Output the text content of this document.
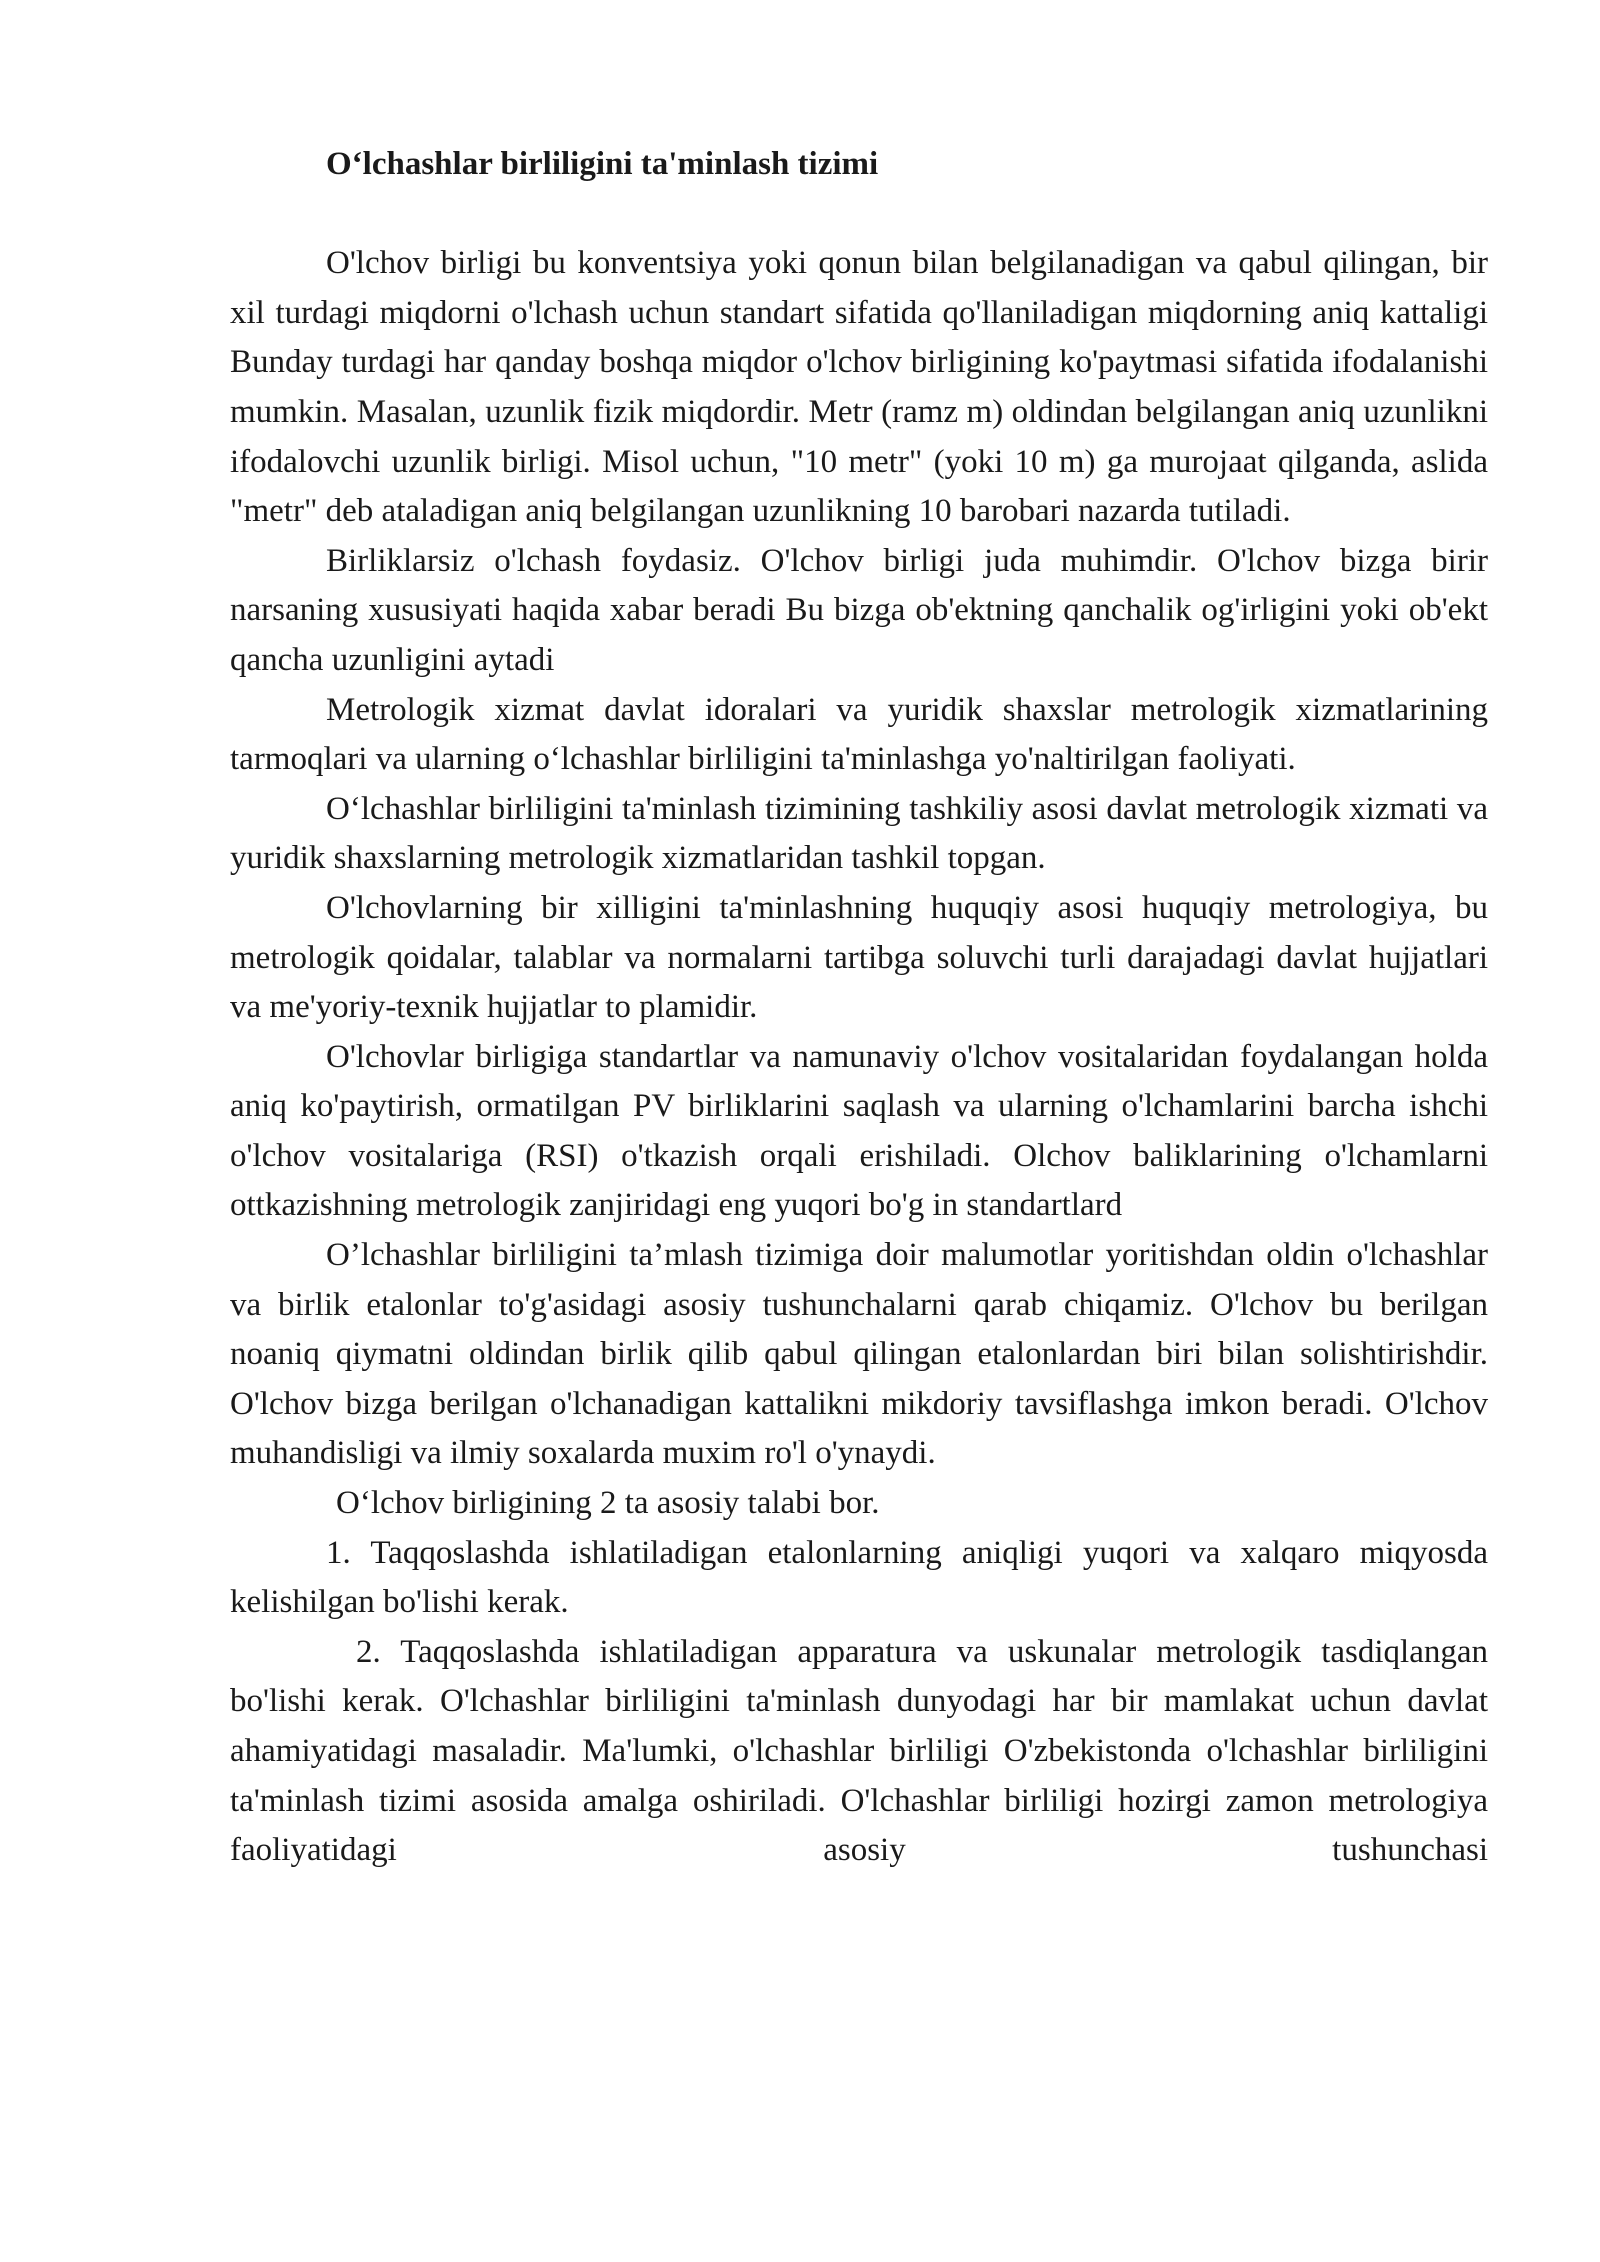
O‘lchashlar birliligini ta'minlash tizimi

O'lchov birligi bu konventsiya yoki qonun bilan belgilanadigan va qabul qilingan, bir xil turdagi miqdorni o'lchash uchun standart sifatida qo'llaniladigan miqdorning aniq kattaligi Bunday turdagi har qanday boshqa miqdor o'lchov birligining ko'paytmasi sifatida ifodalanishi mumkin. Masalan, uzunlik fizik miqdordir. Metr (ramz m) oldindan belgilangan aniq uzunlikni ifodalovchi uzunlik birligi. Misol uchun, "10 metr" (yoki 10 m) ga murojaat qilganda, aslida "metr" deb ataladigan aniq belgilangan uzunlikning 10 barobari nazarda tutiladi.

Birliklarsiz o'lchash foydasiz. O'lchov birligi juda muhimdir. O'lchov bizga birir narsaning xususiyati haqida xabar beradi Bu bizga ob'ektning qanchalik og'irligini yoki ob'ekt qancha uzunligini aytadi

Metrologik xizmat davlat idoralari va yuridik shaxslar metrologik xizmatlarining tarmoqlari va ularning o‘lchashlar birliligini ta'minlashga yo'naltirilgan faoliyati.

O‘lchashlar birliligini ta'minlash tizimining tashkiliy asosi davlat metrologik xizmati va yuridik shaxslarning metrologik xizmatlaridan tashkil topgan.

O'lchovlarning bir xilligini ta'minlashning huquqiy asosi huquqiy metrologiya, bu metrologik qoidalar, talablar va normalarni tartibga soluvchi turli darajadagi davlat hujjatlari va me'yoriy-texnik hujjatlar to plamidir.

O'lchovlar birligiga standartlar va namunaviy o'lchov vositalaridan foydalangan holda aniq ko'paytirish, ormatilgan PV birliklarini saqlash va ularning o'lchamlarini barcha ishchi o'lchov vositalariga (RSI) o'tkazish orqali erishiladi. Olchov baliklarining o'lchamlarni ottkazishning metrologik zanjiridagi eng yuqori bo'g in standartlard

O’lchashlar birliligini ta’mlash tizimiga doir malumotlar yoritishdan oldin o'lchashlar va birlik etalonlar to'g'asidagi asosiy tushunchalarni qarab chiqamiz. O'lchov bu berilgan noaniq qiymatni oldindan birlik qilib qabul qilingan etalonlardan biri bilan solishtirishdir. O'lchov bizga berilgan o'lchanadigan kattalikni mikdoriy tavsiflashga imkon beradi. O'lchov muhandisligi va ilmiy soxalarda muxim ro'l o'ynaydi.

O‘lchov birligining 2 ta asosiy talabi bor.

1. Taqqoslashda ishlatiladigan etalonlarning aniqligi yuqori va xalqaro miqyosda kelishilgan bo'lishi kerak.

2. Taqqoslashda ishlatiladigan apparatura va uskunalar metrologik tasdiqlangan bo'lishi kerak. O'lchashlar birliligini ta'minlash dunyodagi har bir mamlakat uchun davlat ahamiyatidagi masaladir. Ma'lumki, o'lchashlar birliligi O'zbekistonda o'lchashlar birliligini ta'minlash tizimi asosida amalga oshiriladi. O'lchashlar birliligi hozirgi zamon metrologiya faoliyatidagi asosiy tushunchasi
